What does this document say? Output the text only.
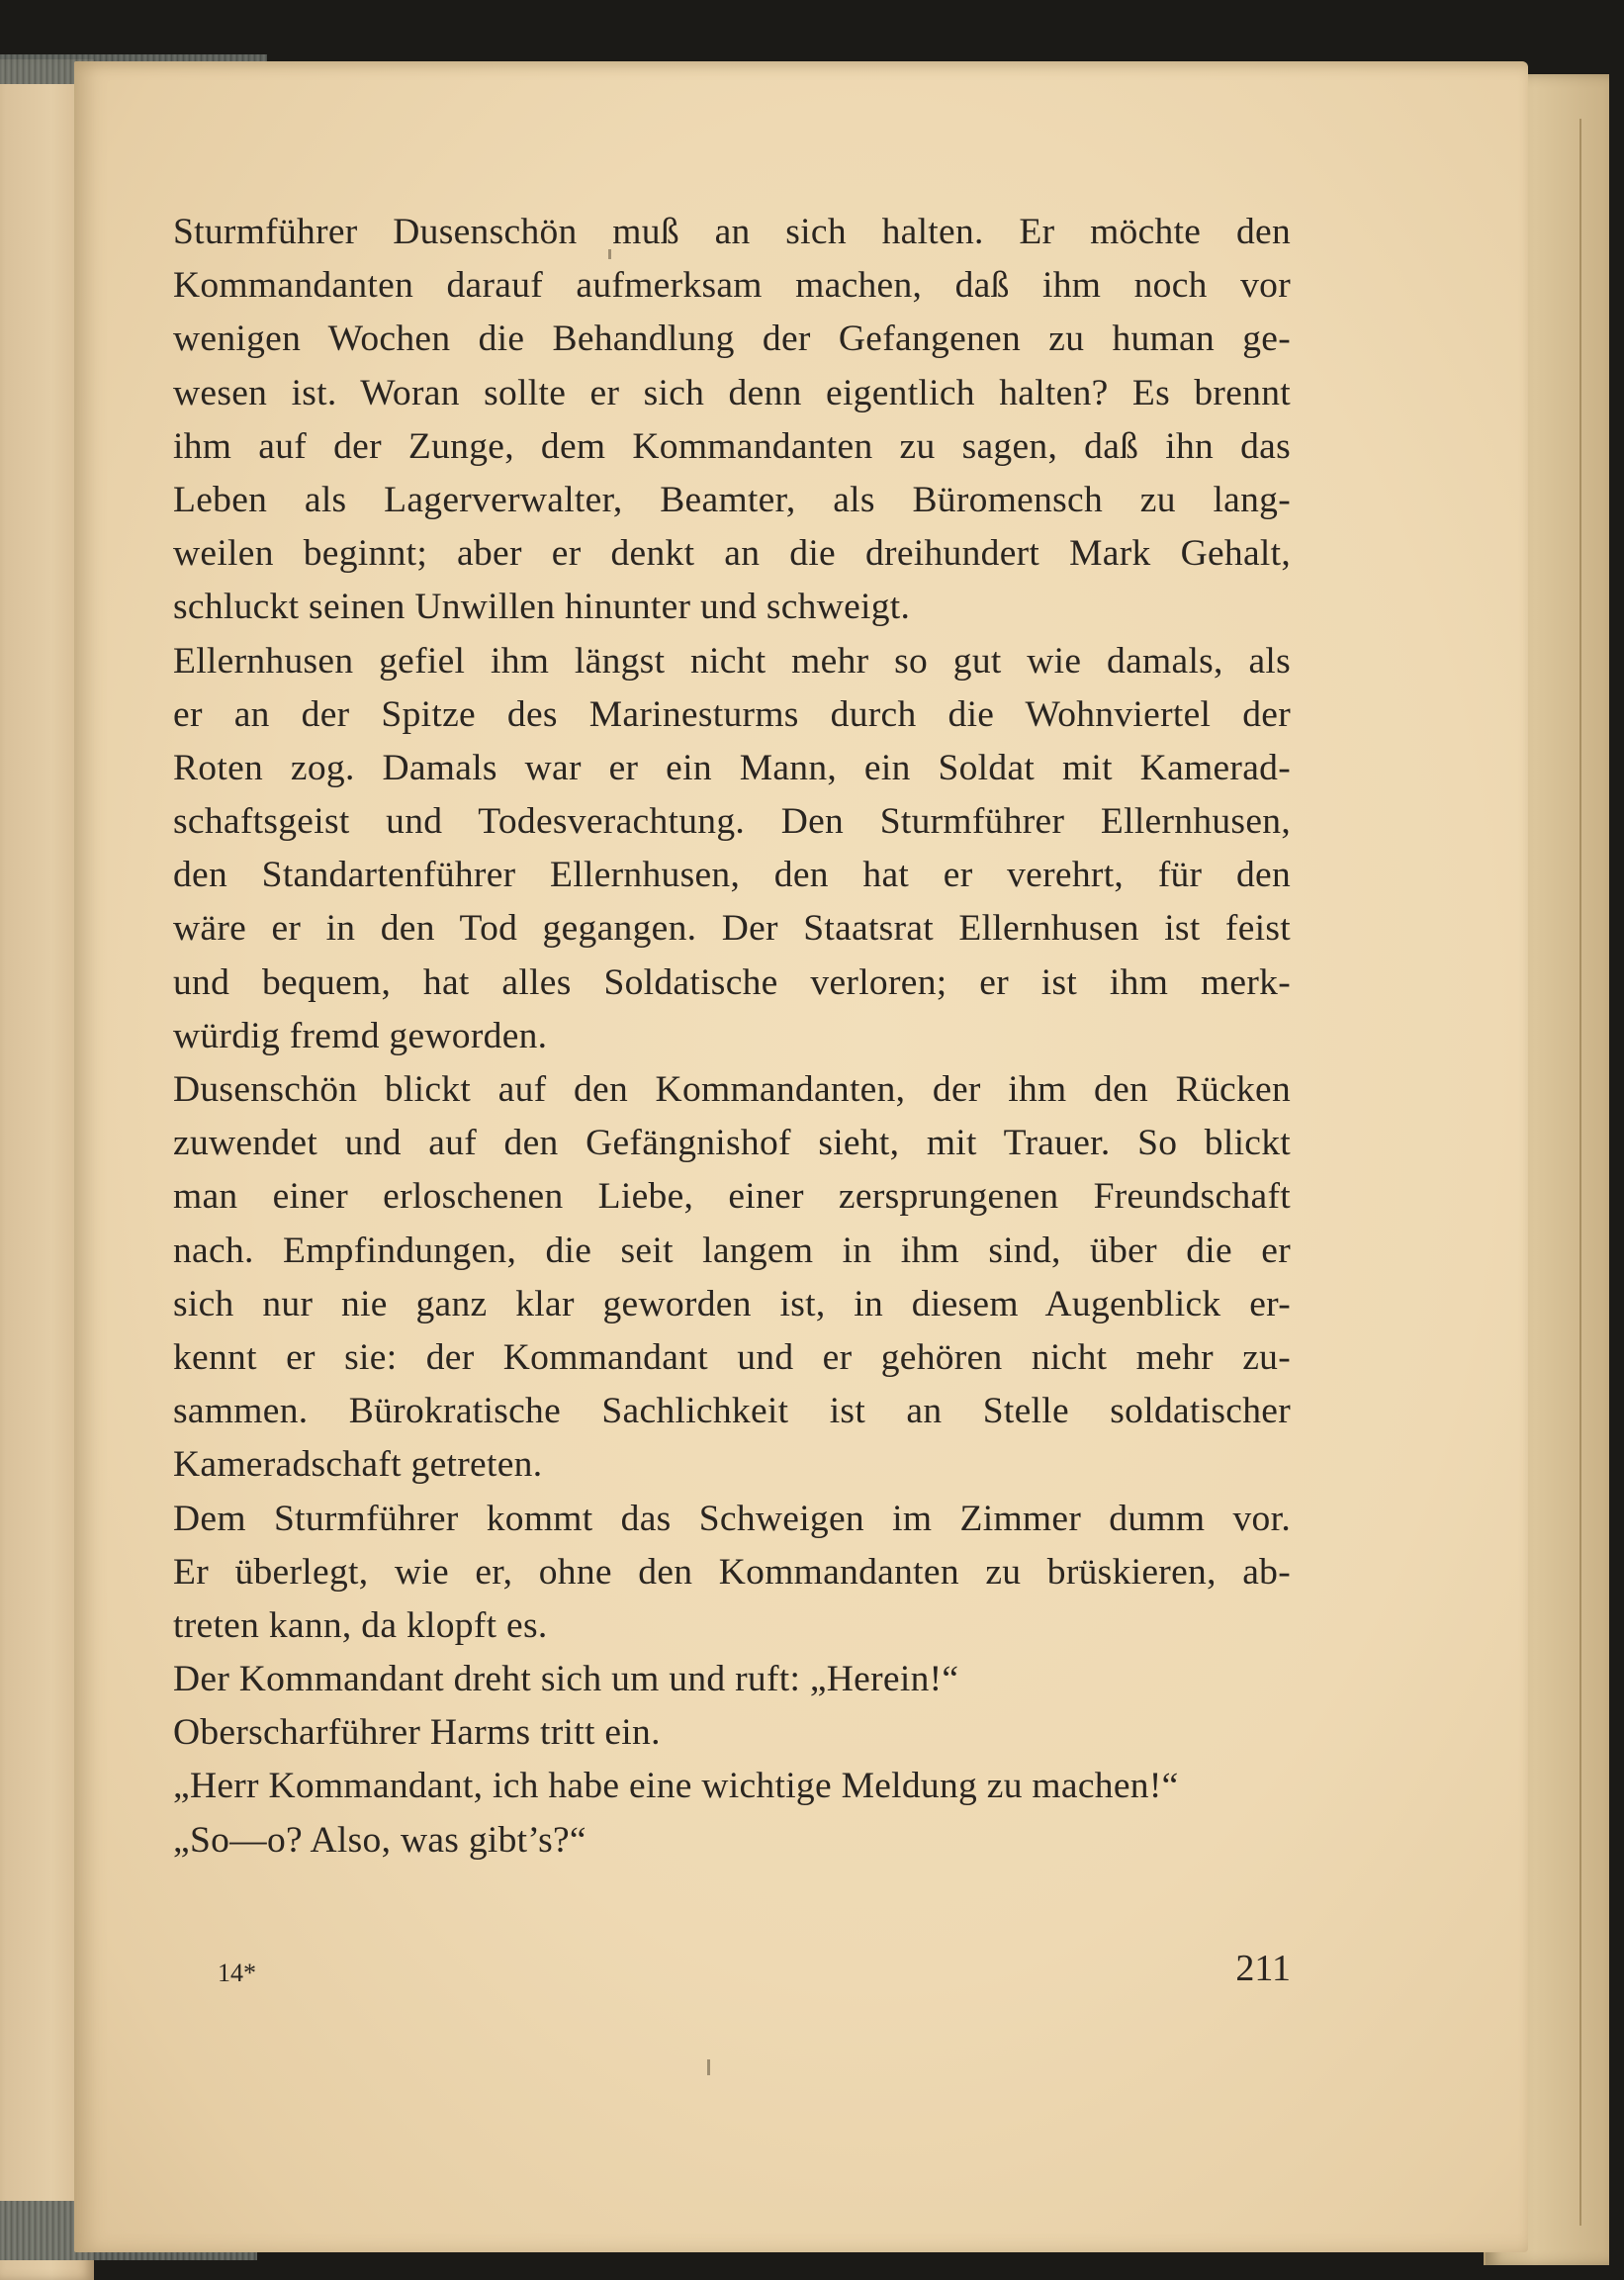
Sturmführer Dusenschön muß an sich halten. Er möchte den
Kommandanten darauf aufmerksam machen, daß ihm noch vor
wenigen Wochen die Behandlung der Gefangenen zu human ge-
wesen ist. Woran sollte er sich denn eigentlich halten? Es brennt
ihm auf der Zunge, dem Kommandanten zu sagen, daß ihn das
Leben als Lagerverwalter, Beamter, als Büromensch zu lang-
weilen beginnt; aber er denkt an die dreihundert Mark Gehalt,
schluckt seinen Unwillen hinunter und schweigt.
Ellernhusen gefiel ihm längst nicht mehr so gut wie damals, als
er an der Spitze des Marinesturms durch die Wohnviertel der
Roten zog. Damals war er ein Mann, ein Soldat mit Kamerad-
schaftsgeist und Todesverachtung. Den Sturmführer Ellernhusen,
den Standartenführer Ellernhusen, den hat er verehrt, für den
wäre er in den Tod gegangen. Der Staatsrat Ellernhusen ist feist
und bequem, hat alles Soldatische verloren; er ist ihm merk-
würdig fremd geworden.
Dusenschön blickt auf den Kommandanten, der ihm den Rücken
zuwendet und auf den Gefängnishof sieht, mit Trauer. So blickt
man einer erloschenen Liebe, einer zersprungenen Freundschaft
nach. Empfindungen, die seit langem in ihm sind, über die er
sich nur nie ganz klar geworden ist, in diesem Augenblick er-
kennt er sie: der Kommandant und er gehören nicht mehr zu-
sammen. Bürokratische Sachlichkeit ist an Stelle soldatischer
Kameradschaft getreten.
Dem Sturmführer kommt das Schweigen im Zimmer dumm vor.
Er überlegt, wie er, ohne den Kommandanten zu brüskieren, ab-
treten kann, da klopft es.
Der Kommandant dreht sich um und ruft: „Herein!“
Oberscharführer Harms tritt ein.
„Herr Kommandant, ich habe eine wichtige Meldung zu machen!“
„So—o? Also, was gibt’s?“
14*	211
